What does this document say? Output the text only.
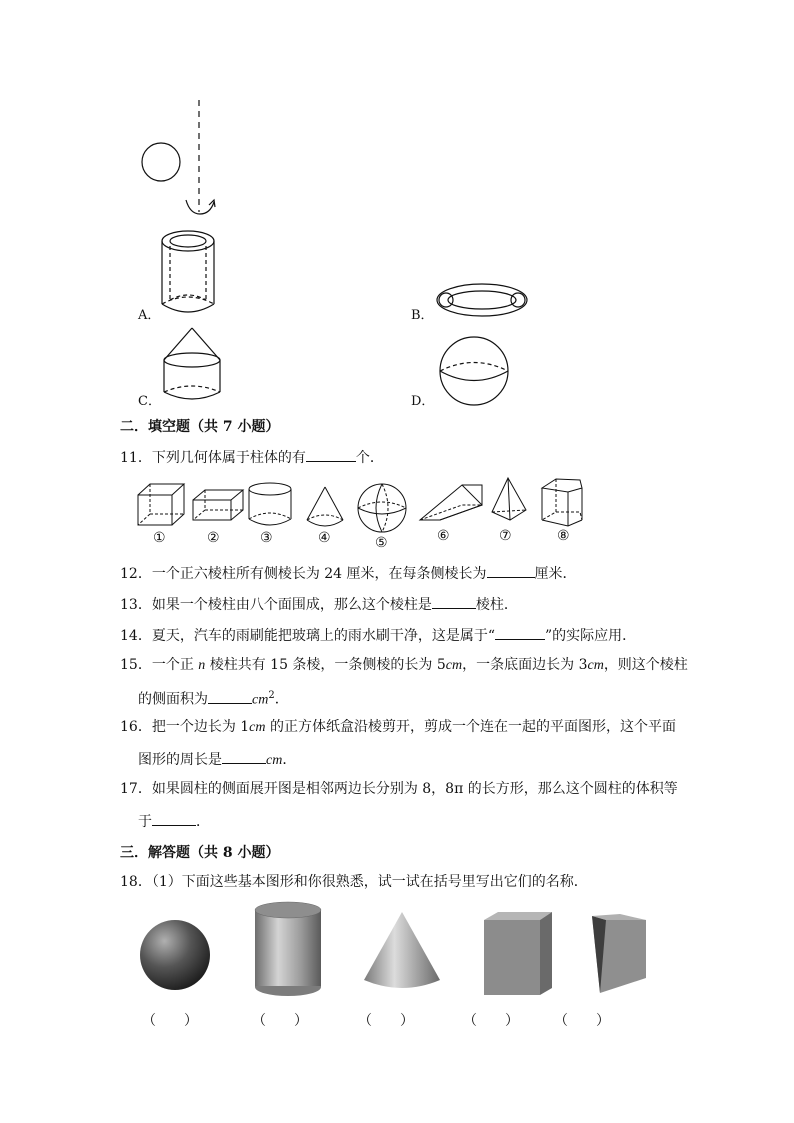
A．	B．
C．	D．
二．填空题（共 7 小题）
11．下列几何体属于柱体的有	个．
①	②	③	④	⑤	⑥	⑦	⑧
12．一个正六棱柱所有侧棱长为 24 厘米，在每条侧棱长为	厘米．
13．如果一个棱柱由八个面围成，那么这个棱柱是	棱柱．
14．夏天，汽车的雨刷能把玻璃上的雨水刷干净，这是属于“	”的实际应用．
15．一个正 n 棱柱共有 15 条棱，一条侧棱的长为 5cm，一条底面边长为 3cm，则这个棱柱
的侧面积为	$cm^2$．
16．把一个边长为 1cm 的正方体纸盒沿棱剪开，剪成一个连在一起的平面图形，这个平面
图形的周长是	cm．
17．如果圆柱的侧面展开图是相邻两边长分别为 8，8π 的长方形，那么这个圆柱的体积等
于	．
三．解答题（共 8 小题）
18．（1）下面这些基本图形和你很熟悉，试一试在括号里写出它们的名称．
（　　）	（　　）	（　　）	（　　）	（　　）
